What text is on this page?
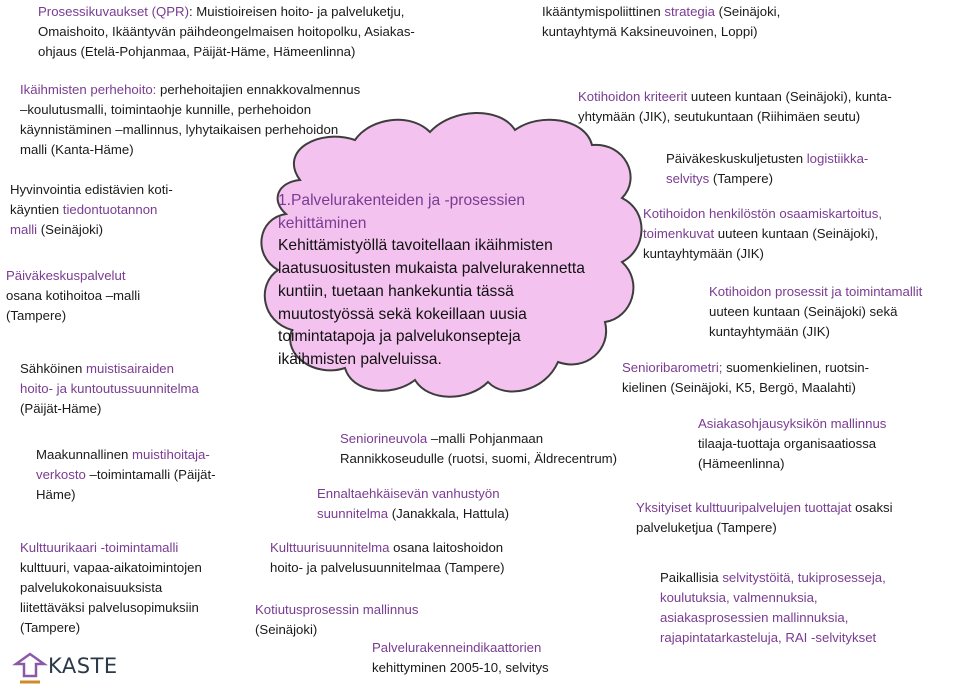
1.Palvelurakenteiden ja -prosessien
kehittäminen
Kehittämistyöllä tavoitellaan ikäihmisten
laatusuositusten mukaista palvelurakennetta
kuntiin, tuetaan hankekuntia tässä
muutostyössä sekä kokeillaan uusia
toimintatapoja ja palvelukonsepteja
ikäihmisten palveluissa.
KASTE
Prosessikuvaukset (QPR): Muistioireisen hoito- ja palveluketju,
Omaishoito, Ikääntyvän päihdeongelmaisen hoitopolku, Asiakas-
ohjaus (Etelä-Pohjanmaa, Päijät-Häme, Hämeenlinna)
Ikääntymispoliittinen strategia (Seinäjoki,
kuntayhtymä Kaksineuvoinen, Loppi)
Ikäihmisten perhehoito: perhehoitajien ennakkovalmennus
–koulutusmalli, toimintaohje kunnille, perhehoidon
käynnistäminen –mallinnus, lyhytaikaisen perhehoidon
malli (Kanta-Häme)
Hyvinvointia edistävien koti-
käyntien tiedontuotannon
malli (Seinäjoki)
Päiväkeskuspalvelut
osana kotihoitoa –malli
(Tampere)
Sähköinen muistisairaiden
hoito- ja kuntoutussuunnitelma
(Päijät-Häme)
Maakunnallinen muistihoitaja-
verkosto –toimintamalli (Päijät-
Häme)
Kulttuurikaari -toimintamalli
kulttuuri, vapaa-aikatoimintojen
palvelukokonaisuuksista
liitettäväksi palvelusopimuksiin
(Tampere)
Kotihoidon kriteerit uuteen kuntaan (Seinäjoki), kunta-
yhtymään (JIK), seutukuntaan (Riihimäen seutu)
Päiväkeskuskuljetusten logistiikka-
selvitys (Tampere)
Kotihoidon henkilöstön osaamiskartoitus,
toimenkuvat uuteen kuntaan (Seinäjoki),
kuntayhtymään (JIK)
Kotihoidon prosessit ja toimintamallit
uuteen kuntaan (Seinäjoki) sekä
kuntayhtymään (JIK)
Senioribarometri; suomenkielinen, ruotsin-
kielinen (Seinäjoki, K5, Bergö, Maalahti)
Asiakasohjausyksikön mallinnus
tilaaja-tuottaja organisaatiossa
(Hämeenlinna)
Seniorineuvola –malli Pohjanmaan
Rannikkoseudulle (ruotsi, suomi, Äldrecentrum)
Ennaltaehkäisevän vanhustyön
suunnitelma (Janakkala, Hattula)	Yksityiset kulttuuripalvelujen tuottajat osaksi
palveluketjua (Tampere)
Kulttuurisuunnitelma osana laitoshoidon
hoito- ja palvelusuunnitelmaa (Tampere)
Paikallisia selvitystöitä, tukiprosesseja,
koulutuksia, valmennuksia,
asiakasprosessien mallinnuksia,
rajapintatarkasteluja, RAI -selvitykset
Kotiutusprosessin mallinnus
(Seinäjoki)
Palvelurakenneindikaattorien
kehittyminen 2005-10, selvitys
